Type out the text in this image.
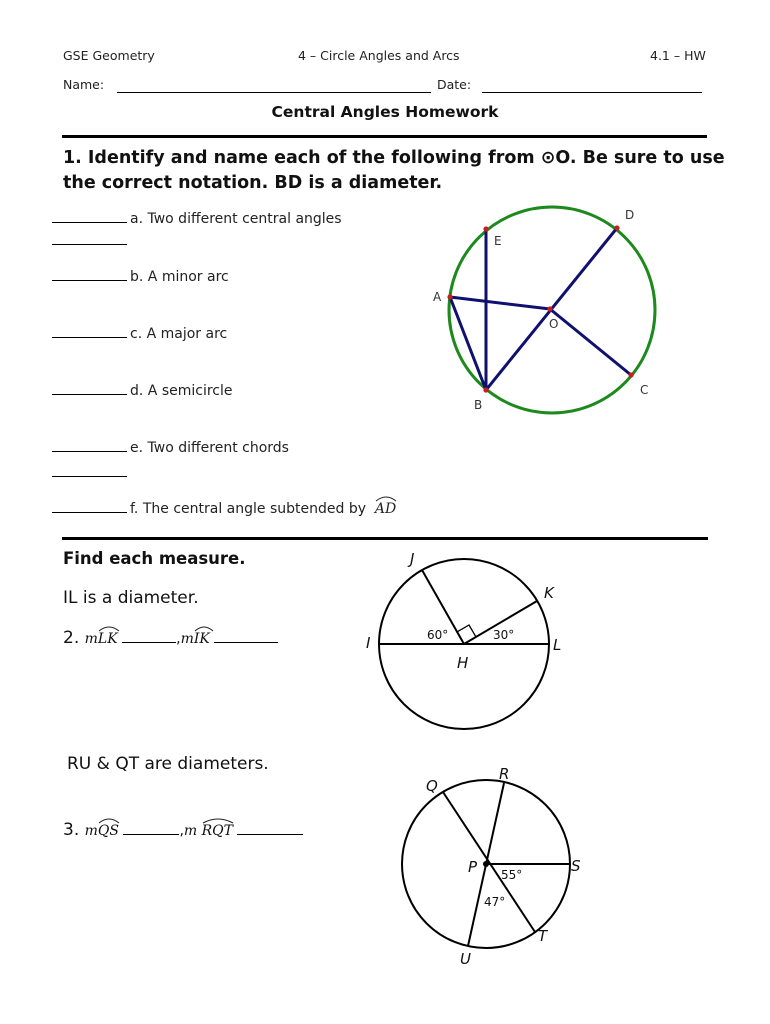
GSE Geometry	4 – Circle Angles and Arcs	4.1 – HW
Name:	Date:
Central Angles Homework
1. Identify and name each of the following from ⊙O. Be sure to use
the correct notation. BD is a diameter.
a. Two different central angles
b. A minor arc
c. A major arc
d. A semicircle
e. Two different chords
f. The central angle subtended by AD
D
E
A
O
C
B
Find each measure.
IL is a diameter.
2. m
LK	,m
IK
J
K
I	L
H
60°	30°
RU & QT are diameters.
3. m
QS	,m RQT
Q
R
P	S
T
U
55°
47°
